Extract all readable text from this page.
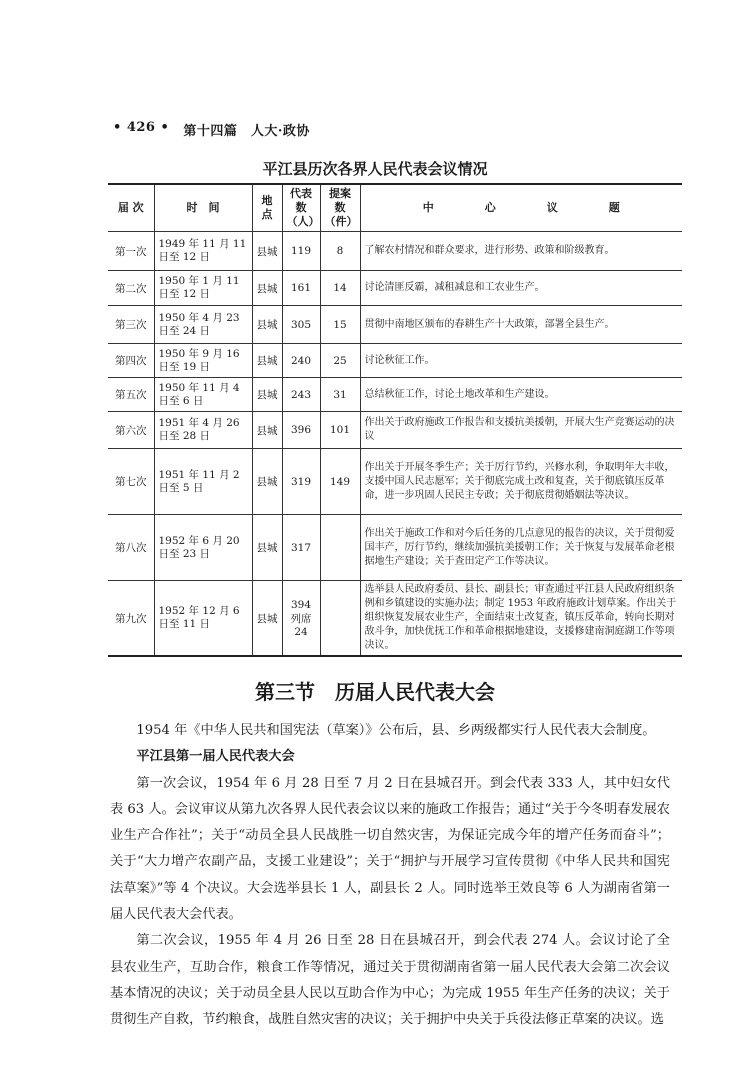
• 426 • 第十四篇　人大·政协
平江县历次各界人民代表会议情况
届 次	时　间	地点	代表数（人）	提案数（件）	中 心 议 题
第一次	1949 年 11 月 11 日至 12 日	县城	119	8	了解农村情况和群众要求，进行形势、政策和阶级教育。
第二次	1950 年 1 月 11 日至 12 日	县城	161	14	讨论清匪反霸，减租减息和工农业生产。
第三次	1950 年 4 月 23 日至 24 日	县城	305	15	贯彻中南地区颁布的春耕生产十大政策，部署全县生产。
第四次	1950 年 9 月 16 日至 19 日	县城	240	25	讨论秋征工作。
第五次	1950 年 11 月 4 日至 6 日	县城	243	31	总结秋征工作，讨论土地改革和生产建设。
第六次	1951 年 4 月 26 日至 28 日	县城	396	101	作出关于政府施政工作报告和支援抗美援朝，开展大生产竞赛运动的决议
第七次	1951 年 11 月 2 日至 5 日	县城	319	149	作出关于开展冬季生产；关于厉行节约，兴修水利，争取明年大丰收，支援中国人民志愿军；关于彻底完成土改和复查，关于彻底镇压反革命，进一步巩固人民民主专政；关于彻底贯彻婚姻法等决议。
第八次	1952 年 6 月 20 日至 23 日	县城	317		作出关于施政工作和对今后任务的几点意见的报告的决议，关于贯彻爱国丰产，厉行节约，继续加强抗美援朝工作；关于恢复与发展革命老根据地生产建设；关于查田定产工作等决议。
第九次	1952 年 12 月 6 日至 11 日	县城	394 列席 24		选举县人民政府委员、县长、副县长；审查通过平江县人民政府组织条例和乡镇建设的实施办法；制定 1953 年政府施政计划草案。作出关于组织恢复发展农业生产，全面结束土改复查，镇压反革命，转向长期对敌斗争，加快优抚工作和革命根据地建设，支援修建南洞庭湖工作等项决议。
第三节　历届人民代表大会

1954 年《中华人民共和国宪法（草案）》公布后，县、乡两级都实行人民代表大会制度。

平江县第一届人民代表大会

第一次会议，1954 年 6 月 28 日至 7 月 2 日在县城召开。到会代表 333 人，其中妇女代表 63 人。会议审议从第九次各界人民代表会议以来的施政工作报告；通过“关于今冬明春发展农业生产合作社”；关于“动员全县人民战胜一切自然灾害，为保证完成今年的增产任务而奋斗”；关于“大力增产农副产品，支援工业建设”；关于“拥护与开展学习宣传贯彻《中华人民共和国宪法草案》”等 4 个决议。大会选举县长 1 人，副县长 2 人。同时选举王效良等 6 人为湖南省第一届人民代表大会代表。

第二次会议，1955 年 4 月 26 日至 28 日在县城召开，到会代表 274 人。会议讨论了全县农业生产，互助合作，粮食工作等情况，通过关于贯彻湖南省第一届人民代表大会第二次会议基本情况的决议；关于动员全县人民以互助合作为中心；为完成 1955 年生产任务的决议；关于贯彻生产自救，节约粮食，战胜自然灾害的决议；关于拥护中央关于兵役法修正草案的决议。选
